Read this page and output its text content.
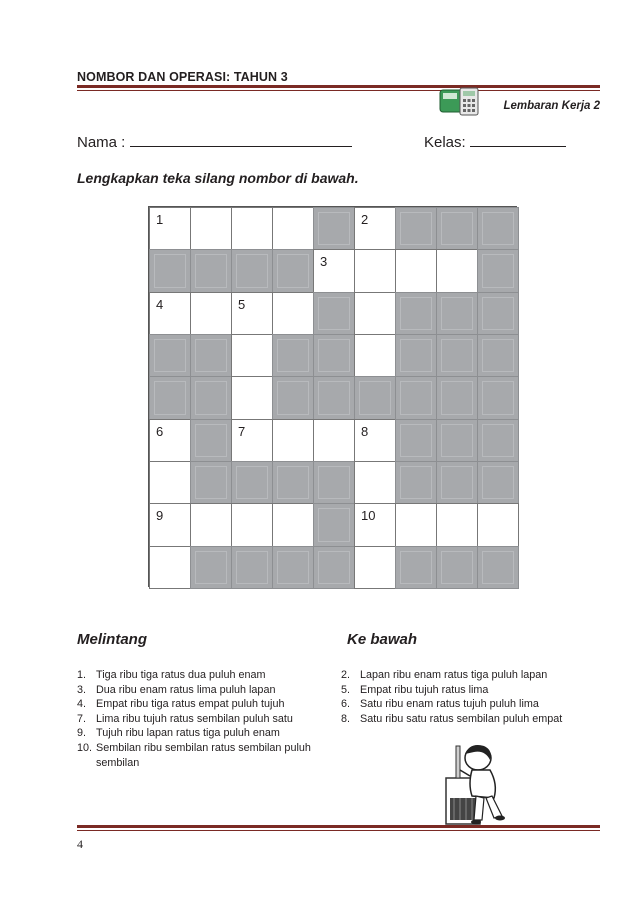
NOMBOR DAN OPERASI: TAHUN 3
Lembaran Kerja 2
Nama :	Kelas:
Lengkapkan teka silang nombor di bawah.
1	2
3
4	5
6	7	8
9	10
Melintang	Ke bawah
1. Tiga ribu tiga ratus dua puluh enam
3. Dua ribu enam ratus lima puluh lapan
4. Empat ribu tiga ratus empat puluh tujuh
7. Lima ribu tujuh ratus sembilan puluh satu
9. Tujuh ribu lapan ratus tiga puluh enam
10. Sembilan ribu sembilan ratus sembilan puluh sembilan
2. Lapan ribu enam ratus tiga puluh lapan
5. Empat ribu tujuh ratus lima
6. Satu ribu enam ratus tujuh puluh lima
8. Satu ribu satu ratus sembilan puluh empat
4
